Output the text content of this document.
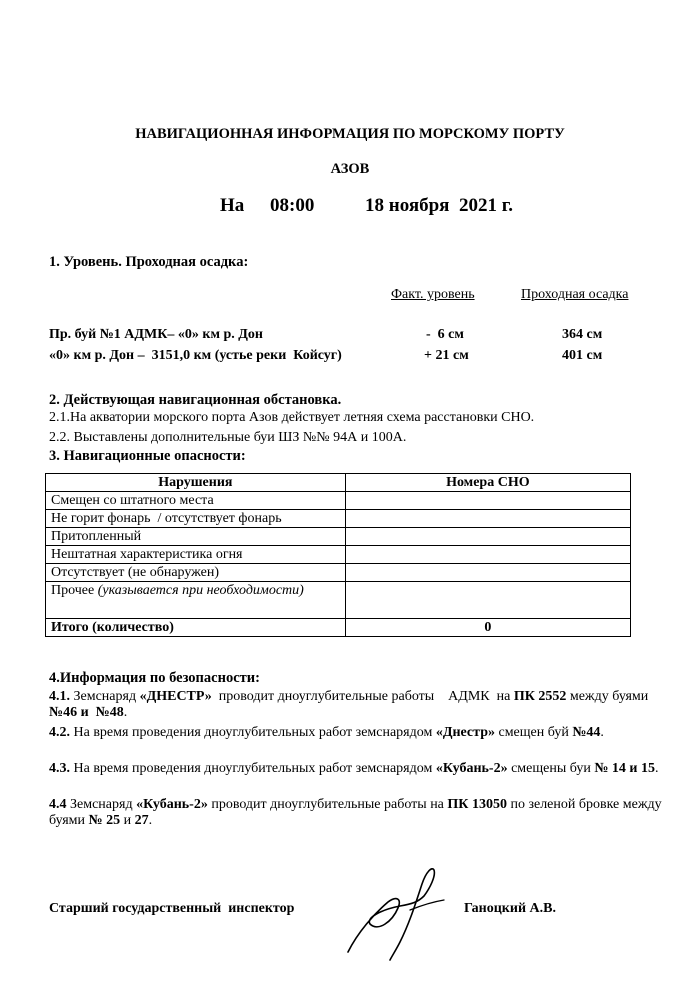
НАВИГАЦИОННАЯ ИНФОРМАЦИЯ ПО МОРСКОМУ ПОРТУ
АЗОВ
На 08:00	18 ноября  2021 г.
1. Уровень. Проходная осадка:
Факт. уровень	Проходная осадка
Пр. буй №1 АДМК– «0» км р. Дон	-  6 см	364 см
«0» км р. Дон –  3151,0 км (устье реки  Койсуг)	+ 21 см	401 см
2. Действующая навигационная обстановка.
2.1.На акватории морского порта Азов действует летняя схема расстановки СНО.
2.2. Выставлены дополнительные буи ШЗ №№ 94А и 100А.
3. Навигационные опасности:
Нарушения	Номера СНО
Смещен со штатного места	
Не горит фонарь  / отсутствует фонарь	
Притопленный	
Нештатная характеристика огня	
Отсутствует (не обнаружен)	
Прочее (указывается при необходимости)	
Итого (количество)	0
4.Информация по безопасности:
4.1. Земснаряд «ДНЕСТР»  проводит дноуглубительные работы    АДМК  на ПК 2552 между буями  №46 и  №48.
4.2. На время проведения дноуглубительных работ земснарядом «Днестр» смещен буй №44.
4.3. На время проведения дноуглубительных работ земснарядом «Кубань-2» смещены буи № 14 и 15.
4.4 Земснаряд «Кубань-2» проводит дноуглубительные работы на ПК 13050 по зеленой бровке между буями № 25 и 27.
Старший государственный  инспектор	Ганоцкий А.В.
